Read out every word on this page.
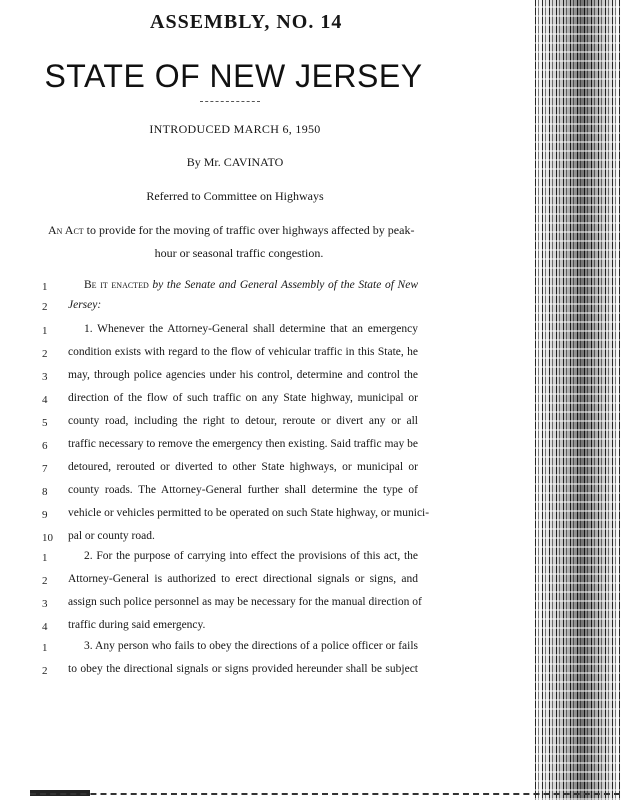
ASSEMBLY, NO. 14
STATE OF NEW JERSEY
INTRODUCED MARCH 6, 1950
By Mr. CAVINATO
Referred to Committee on Highways
An Act to provide for the moving of traffic over highways affected by peak-
hour or seasonal traffic congestion.
1	Be it enacted by the Senate and General Assembly of the State of New
2	Jersey:
1	1. Whenever the Attorney-General shall determine that an emergency
2	condition exists with regard to the flow of vehicular traffic in this State, he
3	may, through police agencies under his control, determine and control the
4	direction of the flow of such traffic on any State highway, municipal or
5	county road, including the right to detour, reroute or divert any or all
6	traffic necessary to remove the emergency then existing. Said traffic may be
7	detoured, rerouted or diverted to other State highways, or municipal or
8	county roads. The Attorney-General further shall determine the type of
9	vehicle or vehicles permitted to be operated on such State highway, or munici-
10 pal or county road.
1	2. For the purpose of carrying into effect the provisions of this act, the
2	Attorney-General is authorized to erect directional signals or signs, and
3	assign such police personnel as may be necessary for the manual direction of
4	traffic during said emergency.
1	3. Any person who fails to obey the directions of a police officer or fails
2	to obey the directional signals or signs provided hereunder shall be subject
